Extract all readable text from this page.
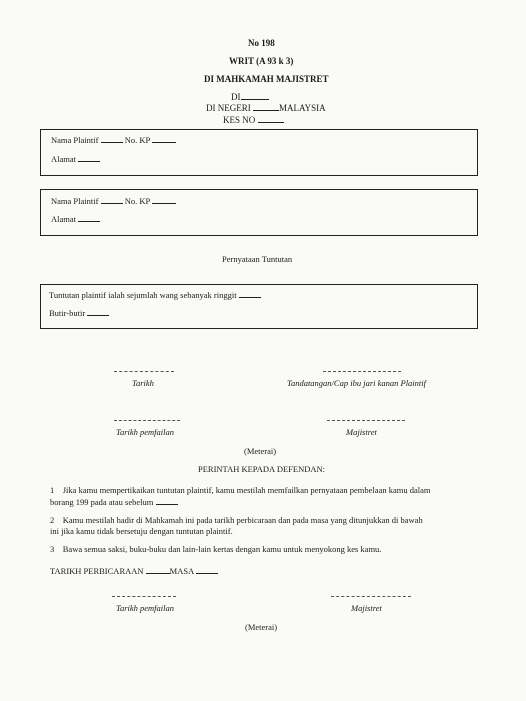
No 198
WRIT (A 93 k 3)
DI MAHKAMAH MAJISTRET
DI
DI NEGERI	MALAYSIA
KES NO
Nama Plaintif	No. KP
Alamat
Nama Plaintif	No. KP
Alamat
Pernyataan Tuntutan
Tuntutan plaintif ialah sejumlah wang sebanyak ringgit
Butir-butir
Tarikh	Tandatangan/Cap ibu jari kanan Plaintif
Tarikh pemfailan	Majistret
(Meterai)
PERINTAH KEPADA DEFENDAN:
1 Jika kamu mempertikaikan tuntutan plaintif, kamu mestilah memfailkan pernyataan pembelaan kamu dalam
borang 199 pada atau sebelum
2 Kamu mestilah hadir di Mahkamah ini pada tarikh perbicaraan dan pada masa yang ditunjukkan di bawah
ini jika kamu tidak bersetuju dengan tuntutan plaintif.
3 Bawa semua saksi, buku-buku dan lain-lain kertas dengan kamu untuk menyokong kes kamu.
TARIKH PERBICARAAN	MASA
Tarikh pemfailan	Majistret
(Meterai)
